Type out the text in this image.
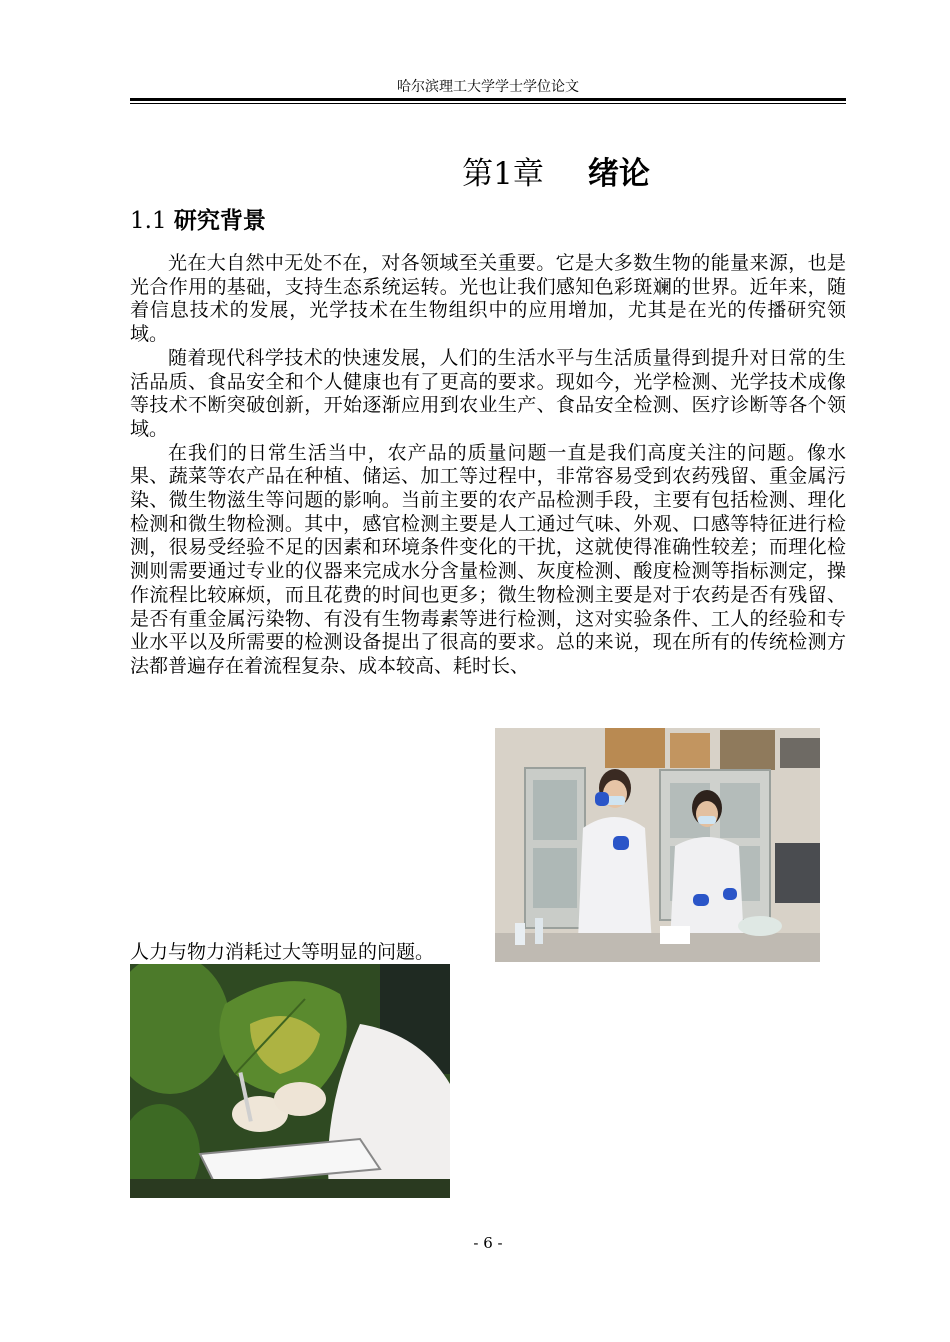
哈尔滨理工大学学士学位论文
第1章 绪论
1.1 研究背景

光在大自然中无处不在，对各领域至关重要。它是大多数生物的能量来源，也是光合作用的基础，支持生态系统运转。光也让我们感知色彩斑斓的世界。近年来，随着信息技术的发展，光学技术在生物组织中的应用增加，尤其是在光的传播研究领域。

随着现代科学技术的快速发展，人们的生活水平与生活质量得到提升对日常的生活品质、食品安全和个人健康也有了更高的要求。现如今，光学检测、光学技术成像等技术不断突破创新，开始逐渐应用到农业生产、食品安全检测、医疗诊断等各个领域。

在我们的日常生活当中，农产品的质量问题一直是我们高度关注的问题。像水果、蔬菜等农产品在种植、储运、加工等过程中，非常容易受到农药残留、重金属污染、微生物滋生等问题的影响。当前主要的农产品检测手段，主要有包括检测、理化检测和微生物检测。其中，感官检测主要是人工通过气味、外观、口感等特征进行检测，很易受经验不足的因素和环境条件变化的干扰，这就使得准确性较差；而理化检测则需要通过专业的仪器来完成水分含量检测、灰度检测、酸度检测等指标测定，操作流程比较麻烦，而且花费的时间也更多；微生物检测主要是对于农药是否有残留、是否有重金属污染物、有没有生物毒素等进行检测，这对实验条件、工人的经验和专业水平以及所需要的检测设备提出了很高的要求。总的来说，现在所有的传统检测方法都普遍存在着流程复杂、成本较高、耗时长、

人力与物力消耗过大等明显的问题。
- 6 -
